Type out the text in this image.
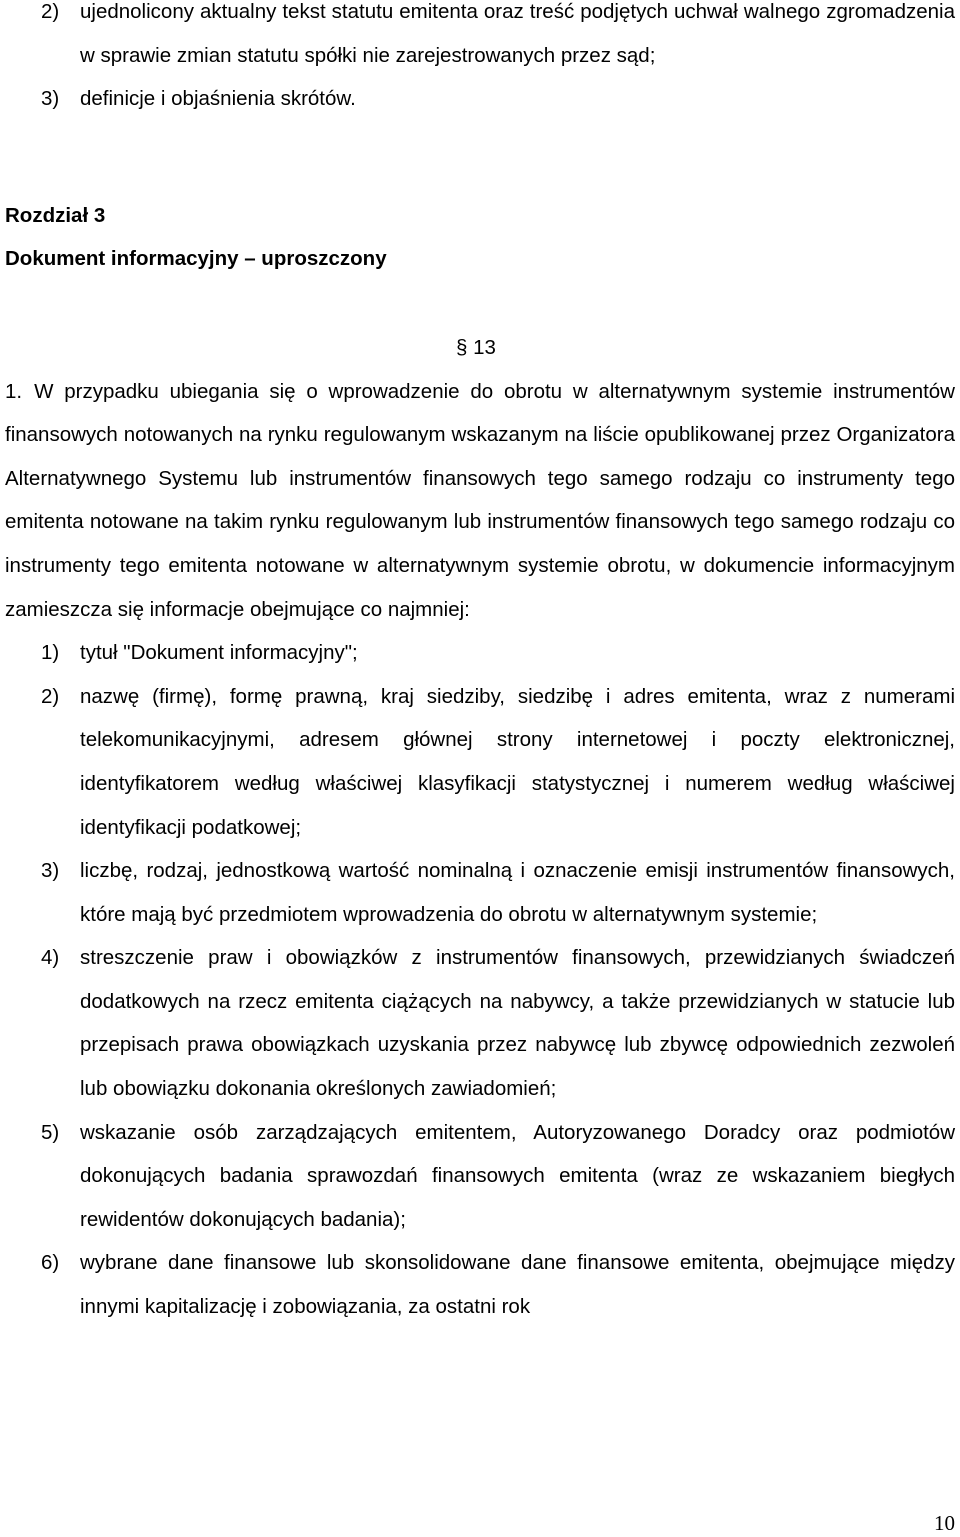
2) ujednolicony aktualny tekst statutu emitenta oraz treść podjętych uchwał walnego zgromadzenia w sprawie zmian statutu spółki nie zarejestrowanych przez sąd;
3) definicje i objaśnienia skrótów.
Rozdział 3
Dokument informacyjny – uproszczony
§ 13
1. W przypadku ubiegania się o wprowadzenie do obrotu w alternatywnym systemie instrumentów finansowych notowanych na rynku regulowanym wskazanym na liście opublikowanej przez Organizatora Alternatywnego Systemu lub instrumentów finansowych tego samego rodzaju co instrumenty tego emitenta notowane na takim rynku regulowanym lub instrumentów finansowych tego samego rodzaju co instrumenty tego emitenta notowane w alternatywnym systemie obrotu, w dokumencie informacyjnym zamieszcza się informacje obejmujące co najmniej:
1) tytuł "Dokument informacyjny";
2) nazwę (firmę), formę prawną, kraj siedziby, siedzibę i adres emitenta, wraz z numerami telekomunikacyjnymi, adresem głównej strony internetowej i poczty elektronicznej, identyfikatorem według właściwej klasyfikacji statystycznej i numerem według właściwej identyfikacji podatkowej;
3) liczbę, rodzaj, jednostkową wartość nominalną i oznaczenie emisji instrumentów finansowych, które mają być przedmiotem wprowadzenia do obrotu w alternatywnym systemie;
4) streszczenie praw i obowiązków z instrumentów finansowych, przewidzianych świadczeń dodatkowych na rzecz emitenta ciążących na nabywcy, a także przewidzianych w statucie lub przepisach prawa obowiązkach uzyskania przez nabywcę lub zbywcę odpowiednich zezwoleń lub obowiązku dokonania określonych zawiadomień;
5) wskazanie osób zarządzających emitentem, Autoryzowanego Doradcy oraz podmiotów dokonujących badania sprawozdań finansowych emitenta (wraz ze wskazaniem biegłych rewidentów dokonujących badania);
6) wybrane dane finansowe lub skonsolidowane dane finansowe emitenta, obejmujące między innymi kapitalizację i zobowiązania, za ostatni rok
10
